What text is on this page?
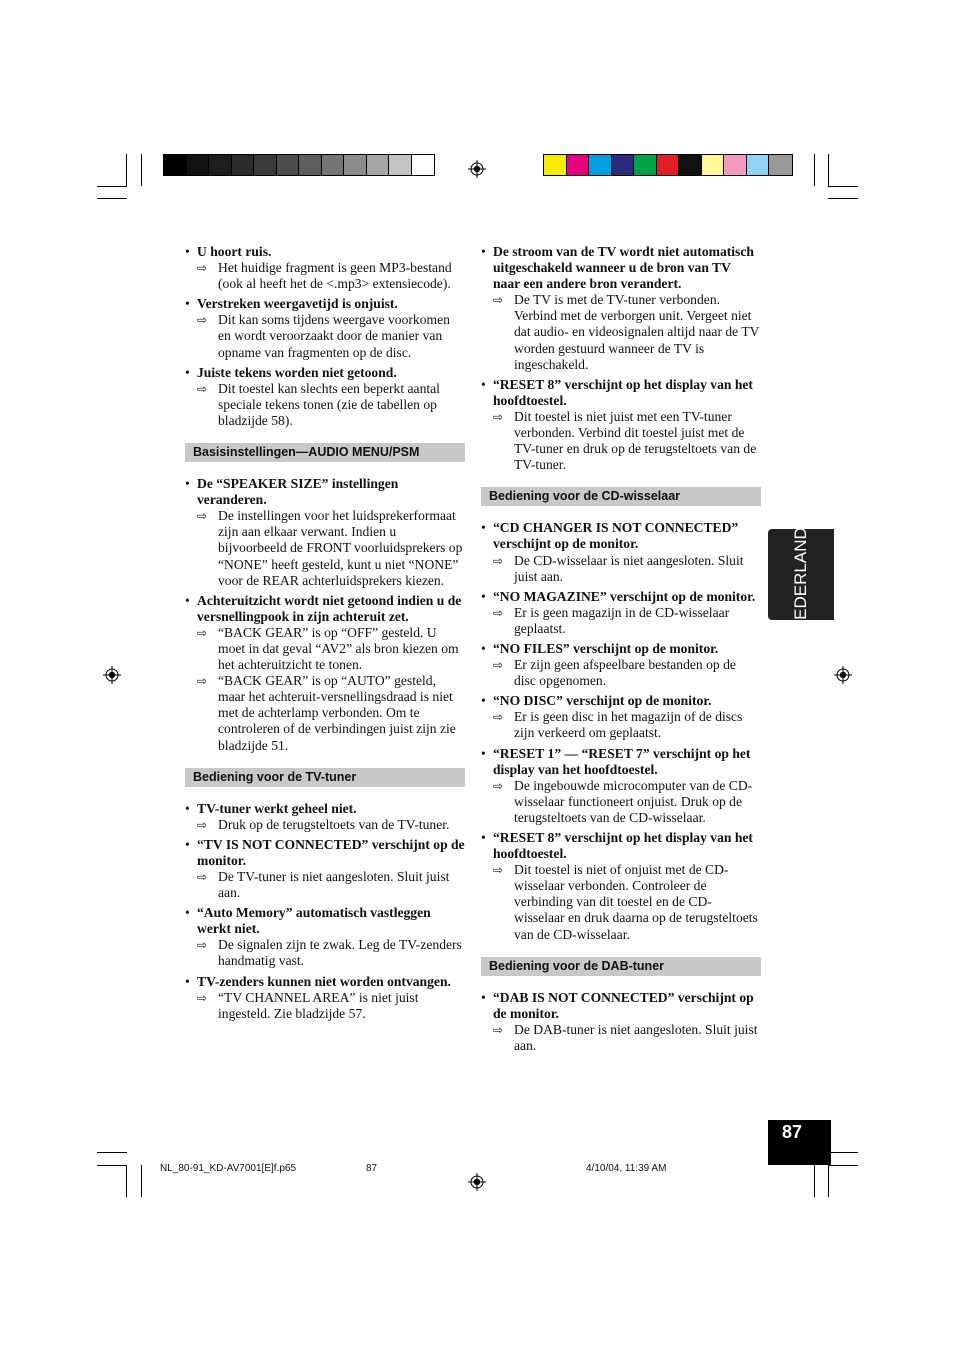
• U hoort ruis.
⇨ Het huidige fragment is geen MP3-bestand (ook al heeft het de <.mp3> extensiecode).
• Verstreken weergavetijd is onjuist.
⇨ Dit kan soms tijdens weergave voorkomen en wordt veroorzaakt door de manier van opname van fragmenten op de disc.
• Juiste tekens worden niet getoond.
⇨ Dit toestel kan slechts een beperkt aantal speciale tekens tonen (zie de tabellen op bladzijde 58).
Basisinstellingen—AUDIO MENU/PSM
• De “SPEAKER SIZE” instellingen veranderen.
⇨ De instellingen voor het luidsprekerformaat zijn aan elkaar verwant. Indien u bijvoorbeeld de FRONT voorluidsprekers op “NONE” heeft gesteld, kunt u niet “NONE” voor de REAR achterluidsprekers kiezen.
• Achteruitzicht wordt niet getoond indien u de versnellingpook in zijn achteruit zet.
⇨ “BACK GEAR” is op “OFF” gesteld. U moet in dat geval “AV2” als bron kiezen om het achteruitzicht te tonen.
⇨ “BACK GEAR” is op “AUTO” gesteld, maar het achteruit-versnellingsdraad is niet met de achterlamp verbonden. Om te controleren of de verbindingen juist zijn zie bladzijde 51.
Bediening voor de TV-tuner
• TV-tuner werkt geheel niet.
⇨ Druk op de terugsteltoets van de TV-tuner.
• “TV IS NOT CONNECTED” verschijnt op de monitor.
⇨ De TV-tuner is niet aangesloten. Sluit juist aan.
• “Auto Memory” automatisch vastleggen werkt niet.
⇨ De signalen zijn te zwak. Leg de TV-zenders handmatig vast.
• TV-zenders kunnen niet worden ontvangen.
⇨ “TV CHANNEL AREA” is niet juist ingesteld. Zie bladzijde 57.
• De stroom van de TV wordt niet automatisch uitgeschakeld wanneer u de bron van TV naar een andere bron verandert.
⇨ De TV is met de TV-tuner verbonden. Verbind met de verborgen unit. Vergeet niet dat audio- en videosignalen altijd naar de TV worden gestuurd wanneer de TV is ingeschakeld.
• “RESET 8” verschijnt op het display van het hoofdtoestel.
⇨ Dit toestel is niet juist met een TV-tuner verbonden. Verbind dit toestel juist met de TV-tuner en druk op de terugsteltoets van de TV-tuner.
Bediening voor de CD-wisselaar
• “CD CHANGER IS NOT CONNECTED” verschijnt op de monitor.
⇨ De CD-wisselaar is niet aangesloten. Sluit juist aan.
• “NO MAGAZINE” verschijnt op de monitor.
⇨ Er is geen magazijn in de CD-wisselaar geplaatst.
• “NO FILES” verschijnt op de monitor.
⇨ Er zijn geen afspeelbare bestanden op de disc opgenomen.
• “NO DISC” verschijnt op de monitor.
⇨ Er is geen disc in het magazijn of de discs zijn verkeerd om geplaatst.
• “RESET 1” — “RESET 7” verschijnt op het display van het hoofdtoestel.
⇨ De ingebouwde microcomputer van de CD-wisselaar functioneert onjuist. Druk op de terugsteltoets van de CD-wisselaar.
• “RESET 8” verschijnt op het display van het hoofdtoestel.
⇨ Dit toestel is niet of onjuist met de CD-wisselaar verbonden. Controleer de verbinding van dit toestel en de CD-wisselaar en druk daarna op de terugsteltoets van de CD-wisselaar.
Bediening voor de DAB-tuner
• “DAB IS NOT CONNECTED” verschijnt op de monitor.
⇨ De DAB-tuner is niet aangesloten. Sluit juist aan.
NEDERLANDS
87
NL_80-91_KD-AV7001[E]f.p65	87	4/10/04, 11:39 AM
